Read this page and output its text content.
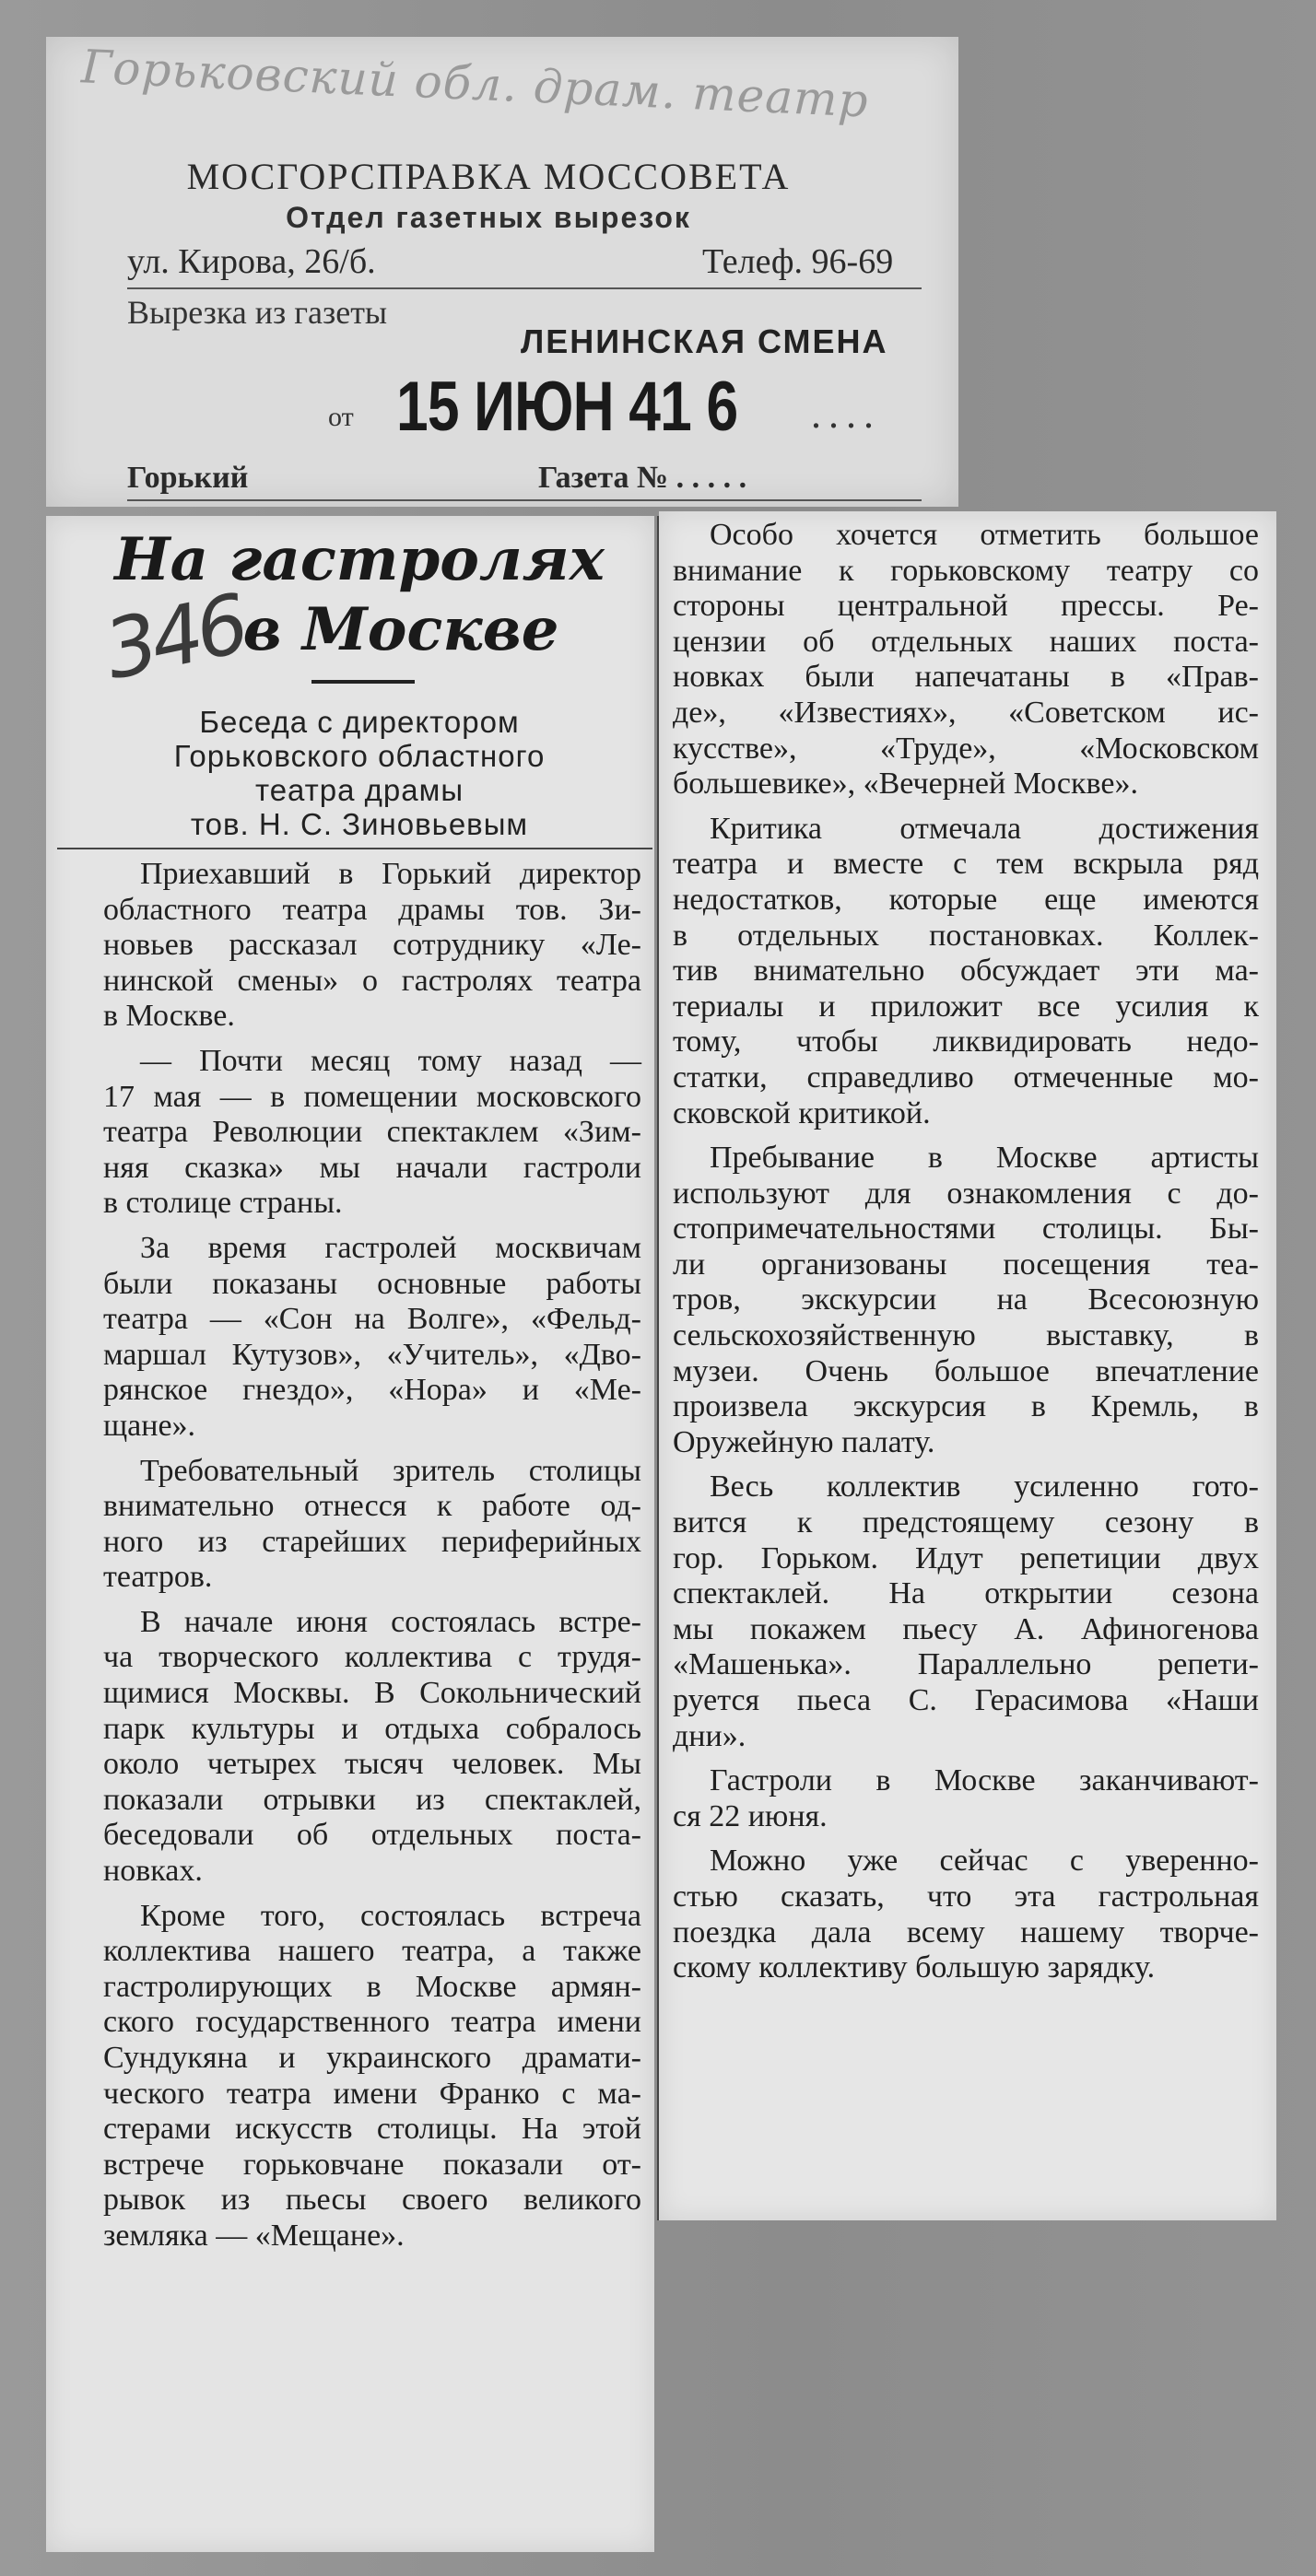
Горьковский обл. драм. театр
МОСГОРСПРАВКА МОССОВЕТА
Отдел газетных вырезок
ул. Кирова, 26/б.	Телеф. 96-69
Вырезка из газеты
ЛЕНИНСКАЯ СМЕНА
от 15 ИЮН 41 6 ....
Горький	Газета № . . . . .
На гастролях
в Москве
346
Беседа с директором
Горьковского областного
театра драмы
тов. Н. С. Зиновьевым
Приехавший в Горький директор
областного театра драмы тов. Зи-
новьев рассказал сотруднику «Ле-
нинской смены» о гастролях театра
в Москве.
— Почти месяц тому назад —
17 мая — в помещении московского
театра Революции спектаклем «Зим-
няя сказка» мы начали гастроли
в столице страны.
За время гастролей москвичам
были показаны основные работы
театра — «Сон на Волге», «Фельд-
маршал Кутузов», «Учитель», «Дво-
рянское гнездо», «Нора» и «Ме-
щане».
Требовательный зритель столицы
внимательно отнесся к работе од-
ного из старейших периферийных
театров.
В начале июня состоялась встре-
ча творческого коллектива с трудя-
щимися Москвы. В Сокольнический
парк культуры и отдыха собралось
около четырех тысяч человек. Мы
показали отрывки из спектаклей,
беседовали об отдельных поста-
новках.
Кроме того, состоялась встреча
коллектива нашего театра, а также
гастролирующих в Москве армян-
ского государственного театра имени
Сундукяна и украинского драмати-
ческого театра имени Франко с ма-
стерами искусств столицы. На этой
встрече горьковчане показали от-
рывок из пьесы своего великого
земляка — «Мещане».
Особо хочется отметить большое
внимание к горьковскому театру со
стороны центральной прессы. Ре-
цензии об отдельных наших поста-
новках были напечатаны в «Прав-
де», «Известиях», «Советском ис-
кусстве», «Труде», «Московском
большевике», «Вечерней Москве».
Критика отмечала достижения
театра и вместе с тем вскрыла ряд
недостатков, которые еще имеются
в отдельных постановках. Коллек-
тив внимательно обсуждает эти ма-
териалы и приложит все усилия к
тому, чтобы ликвидировать недо-
статки, справедливо отмеченные мо-
сковской критикой.
Пребывание в Москве артисты
используют для ознакомления с до-
стопримечательностями столицы. Бы-
ли организованы посещения теа-
тров, экскурсии на Всесоюзную
сельскохозяйственную выставку, в
музеи. Очень большое впечатление
произвела экскурсия в Кремль, в
Оружейную палату.
Весь коллектив усиленно гото-
вится к предстоящему сезону в
гор. Горьком. Идут репетиции двух
спектаклей. На открытии сезона
мы покажем пьесу А. Афиногенова
«Машенька». Параллельно репети-
руется пьеса С. Герасимова «Наши
дни».
Гастроли в Москве заканчивают-
ся 22 июня.
Можно уже сейчас с уверенно-
стью сказать, что эта гастрольная
поездка дала всему нашему творче-
скому коллективу большую зарядку.
